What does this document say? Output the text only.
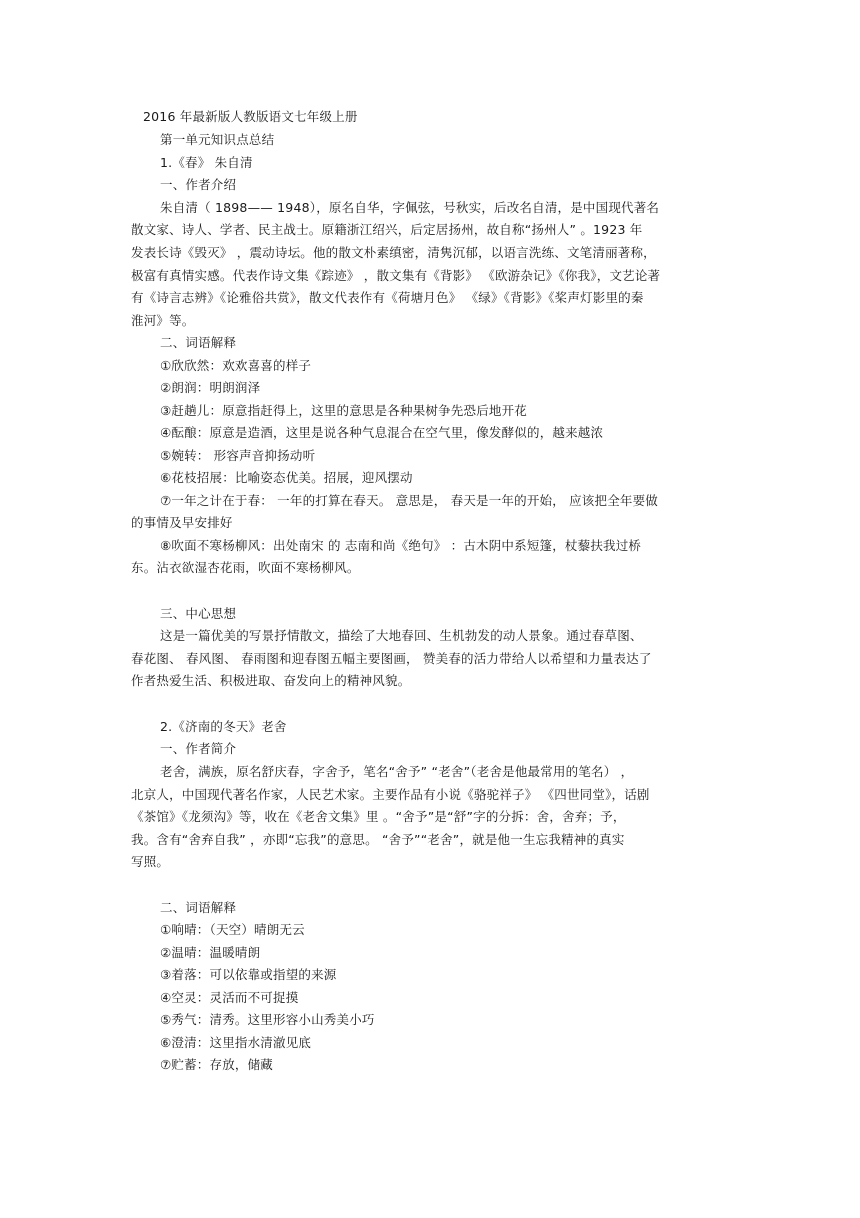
2016 年最新版人教版语文七年级上册

第一单元知识点总结

1.《春》 朱自清

一、作者介绍

朱自清（ 1898—— 1948），原名自华，字佩弦，号秋实，后改名自清，是中国现代著名

散文家、诗人、学者、民主战士。原籍浙江绍兴，后定居扬州，故自称“扬州人” 。1923 年

发表长诗《毁灭》 ，震动诗坛。他的散文朴素缜密，清隽沉郁，以语言洗练、文笔清丽著称，

极富有真情实感。代表作诗文集《踪迹》 ，散文集有《背影》 《欧游杂记》《你我》，文艺论著

有《诗言志辨》《论雅俗共赏》，散文代表作有《荷塘月色》 《绿》《背影》《桨声灯影里的秦

淮河》等。

二、词语解释

①欣欣然：欢欢喜喜的样子

②朗润：明朗润泽

③赶趟儿：原意指赶得上，这里的意思是各种果树争先恐后地开花

④酝酿：原意是造酒，这里是说各种气息混合在空气里，像发酵似的，越来越浓

⑤婉转： 形容声音抑扬动听

⑥花枝招展：比喻姿态优美。招展，迎风摆动

⑦一年之计在于春： 一年的打算在春天。 意思是， 春天是一年的开始， 应该把全年要做

的事情及早安排好

⑧吹面不寒杨柳风：出处南宋 的 志南和尚《绝句》 ：古木阴中系短篷，杖藜扶我过桥

东。沾衣欲湿杏花雨，吹面不寒杨柳风。

三、中心思想

这是一篇优美的写景抒情散文，描绘了大地春回、生机勃发的动人景象。通过春草图、

春花图、 春风图、 春雨图和迎春图五幅主要图画， 赞美春的活力带给人以希望和力量表达了

作者热爱生活、积极进取、奋发向上的精神风貌。

2.《济南的冬天》老舍

一、作者简介

老舍，满族，原名舒庆春，字舍予，笔名“舍予” “老舍”（老舍是他最常用的笔名） ，

北京人，中国现代著名作家，人民艺术家。主要作品有小说《骆驼祥子》 《四世同堂》，话剧

《茶馆》《龙须沟》等，收在《老舍文集》里 。“舍予”是“舒”字的分拆：舍，舍弃；予，

我。含有“舍弃自我” ，亦即“忘我”的意思。 “舍予”“老舍”，就是他一生忘我精神的真实

写照。

二、词语解释

①响晴：（天空）晴朗无云

②温晴：温暖晴朗

③着落：可以依靠或指望的来源

④空灵：灵活而不可捉摸

⑤秀气：清秀。这里形容小山秀美小巧

⑥澄清：这里指水清澈见底

⑦贮蓄：存放，储藏
